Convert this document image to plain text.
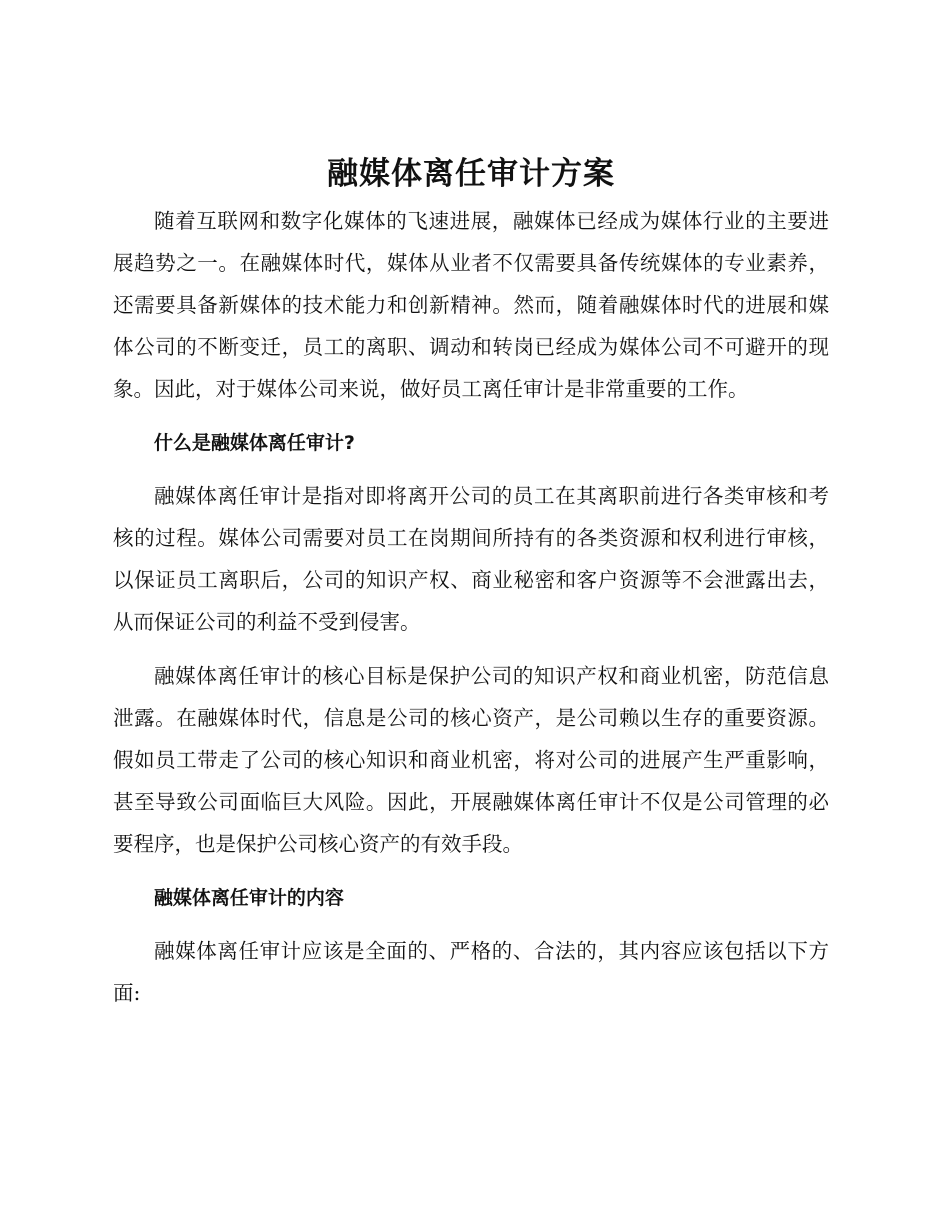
融媒体离任审计方案

随着互联网和数字化媒体的飞速进展，融媒体已经成为媒体行业的主要进展趋势之一。在融媒体时代，媒体从业者不仅需要具备传统媒体的专业素养，还需要具备新媒体的技术能力和创新精神。然而，随着融媒体时代的进展和媒体公司的不断变迁，员工的离职、调动和转岗已经成为媒体公司不可避开的现象。因此，对于媒体公司来说，做好员工离任审计是非常重要的工作。

什么是融媒体离任审计?

融媒体离任审计是指对即将离开公司的员工在其离职前进行各类审核和考核的过程。媒体公司需要对员工在岗期间所持有的各类资源和权利进行审核，以保证员工离职后，公司的知识产权、商业秘密和客户资源等不会泄露出去，从而保证公司的利益不受到侵害。

融媒体离任审计的核心目标是保护公司的知识产权和商业机密，防范信息泄露。在融媒体时代，信息是公司的核心资产，是公司赖以生存的重要资源。假如员工带走了公司的核心知识和商业机密，将对公司的进展产生严重影响，甚至导致公司面临巨大风险。因此，开展融媒体离任审计不仅是公司管理的必要程序，也是保护公司核心资产的有效手段。

融媒体离任审计的内容

融媒体离任审计应该是全面的、严格的、合法的，其内容应该包括以下方面:
